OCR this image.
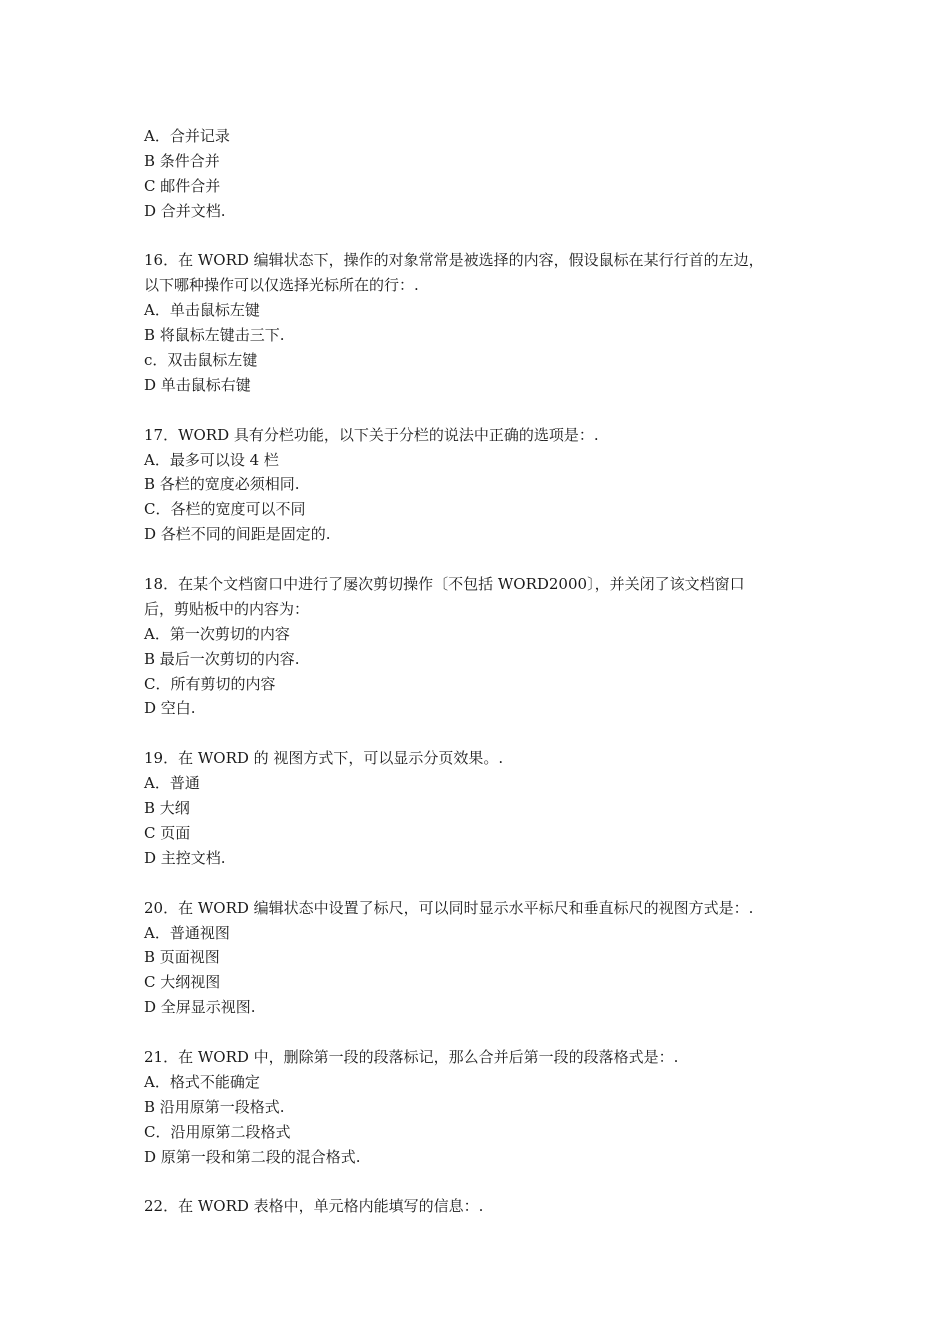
A．合并记录
B 条件合并
C 邮件合并
D 合并文档.
16．在 WORD 编辑状态下，操作的对象常常是被选择的内容，假设鼠标在某行行首的左边，
以下哪种操作可以仅选择光标所在的行：.
A．单击鼠标左键
B 将鼠标左键击三下.
c．双击鼠标左键
D 单击鼠标右键
17．WORD 具有分栏功能，以下关于分栏的说法中正确的选项是：.
A．最多可以设 4 栏
B 各栏的宽度必须相同.
C．各栏的宽度可以不同
D 各栏不同的间距是固定的.
18．在某个文档窗口中进行了屡次剪切操作〔不包括 WORD2000〕，并关闭了该文档窗口
后，剪贴板中的内容为：
A．第一次剪切的内容
B 最后一次剪切的内容.
C．所有剪切的内容
D 空白.
19．在 WORD 的 视图方式下，可以显示分页效果。.
A．普通
B 大纲
C 页面
D 主控文档.
20．在 WORD 编辑状态中设置了标尺，可以同时显示水平标尺和垂直标尺的视图方式是：.
A．普通视图
B 页面视图
C 大纲视图
D 全屏显示视图.
21．在 WORD 中，删除第一段的段落标记，那么合并后第一段的段落格式是：.
A．格式不能确定
B 沿用原第一段格式.
C．沿用原第二段格式
D 原第一段和第二段的混合格式.
22．在 WORD 表格中，单元格内能填写的信息：.
